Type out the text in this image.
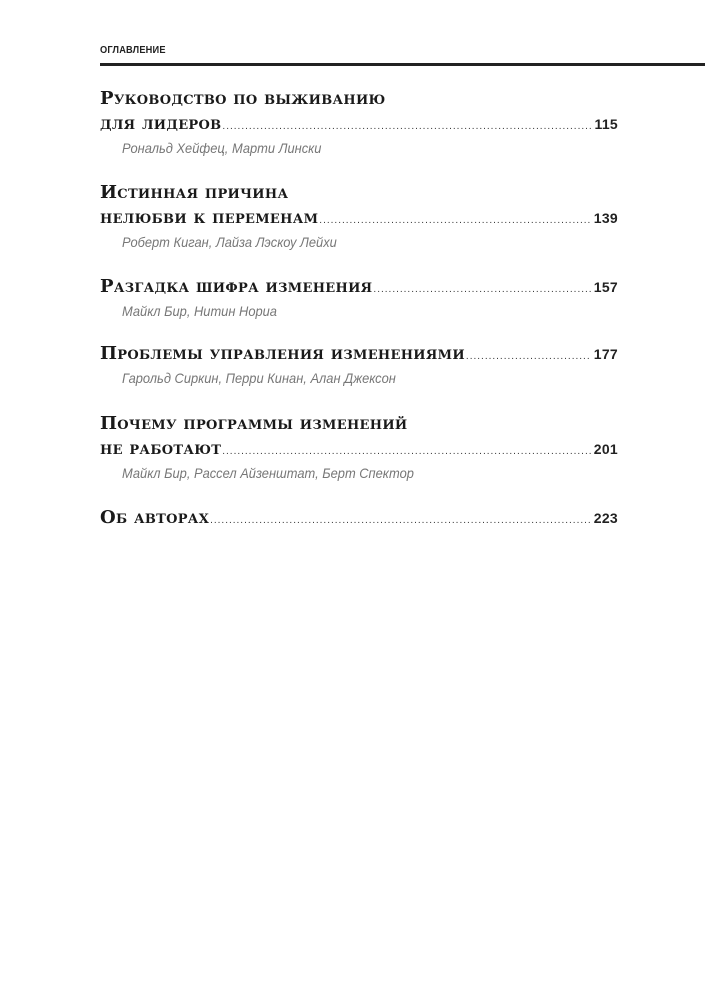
ОГЛАВЛЕНИЕ
Руководство по выживанию
для лидеров .....	115
Рональд Хейфец, Марти Лински
Истинная причина
нелюбви к переменам .....	139
Роберт Киган, Лайза Лэскоу Лейхи
Разгадка шифра изменения .....	157
Майкл Бир, Нитин Нориа
Проблемы управления изменениями .....	177
Гарольд Сиркин, Перри Кинан, Алан Джексон
Почему программы изменений
не работают .....	201
Майкл Бир, Рассел Айзенштат, Берт Спектор
Об авторах .....	223
